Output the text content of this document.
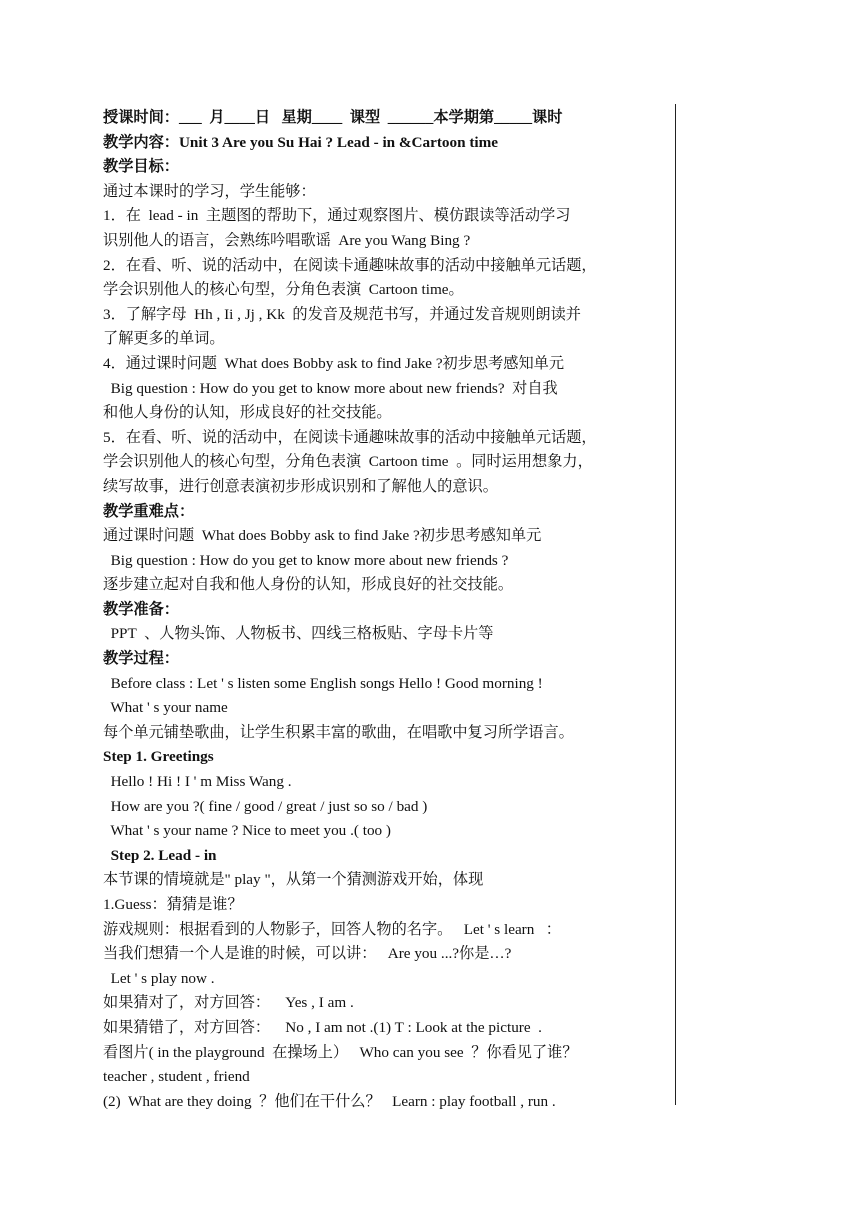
授课时间：___  月____日   星期____  课型  ______本学期第_____课时
教学内容：Unit 3 Are you Su Hai ? Lead - in &Cartoon time
教学目标：
通过本课时的学习，学生能够：
1．在  lead - in  主题图的帮助下，通过观察图片、模仿跟读等活动学习
识别他人的语言，会熟练吟唱歌谣  Are you Wang Bing ?
2．在看、听、说的活动中，在阅读卡通趣味故事的活动中接触单元话题，
学会识别他人的核心句型，分角色表演  Cartoon time。
3．了解字母  Hh , Ii , Jj , Kk  的发音及规范书写，并通过发音规则朗读并
了解更多的单词。
4．通过课时问题  What does Bobby ask to find Jake ?初步思考感知单元
Big question : How do you get to know more about new friends?  对自我
和他人身份的认知，形成良好的社交技能。
5．在看、听、说的活动中，在阅读卡通趣味故事的活动中接触单元话题，
学会识别他人的核心句型，分角色表演  Cartoon time  。同时运用想象力，
续写故事，进行创意表演初步形成识别和了解他人的意识。
教学重难点：
通过课时问题  What does Bobby ask to find Jake ?初步思考感知单元
Big question : How do you get to know more about new friends ?
逐步建立起对自我和他人身份的认知，形成良好的社交技能。
教学准备：
PPT  、人物头饰、人物板书、四线三格板贴、字母卡片等
教学过程：
Before class : Let ' s listen some English songs Hello ! Good morning !
What ' s your name
每个单元铺垫歌曲，让学生积累丰富的歌曲，在唱歌中复习所学语言。
Step 1. Greetings
Hello ! Hi ! I ' m Miss Wang .
How are you ?( fine / good / great / just so so / bad )
What ' s your name ? Nice to meet you .( too )
Step 2. Lead - in
本节课的情境就是" play "，从第一个猜测游戏开始，体现
1.Guess：猜猜是谁？
游戏规则：根据看到的人物影子，回答人物的名字。   Let ' s learn   ：
当我们想猜一个人是谁的时候，可以讲：   Are you ...?你是…?
Let ' s play now .
如果猜对了，对方回答：    Yes , I am .
如果猜错了，对方回答：    No , I am not .(1) T : Look at the picture  .
看图片( in the playground  在操场上）   Who can you see  ？你看见了谁？
teacher , student , friend
(2)  What are they doing  ？他们在干什么？   Learn : play football , run .
